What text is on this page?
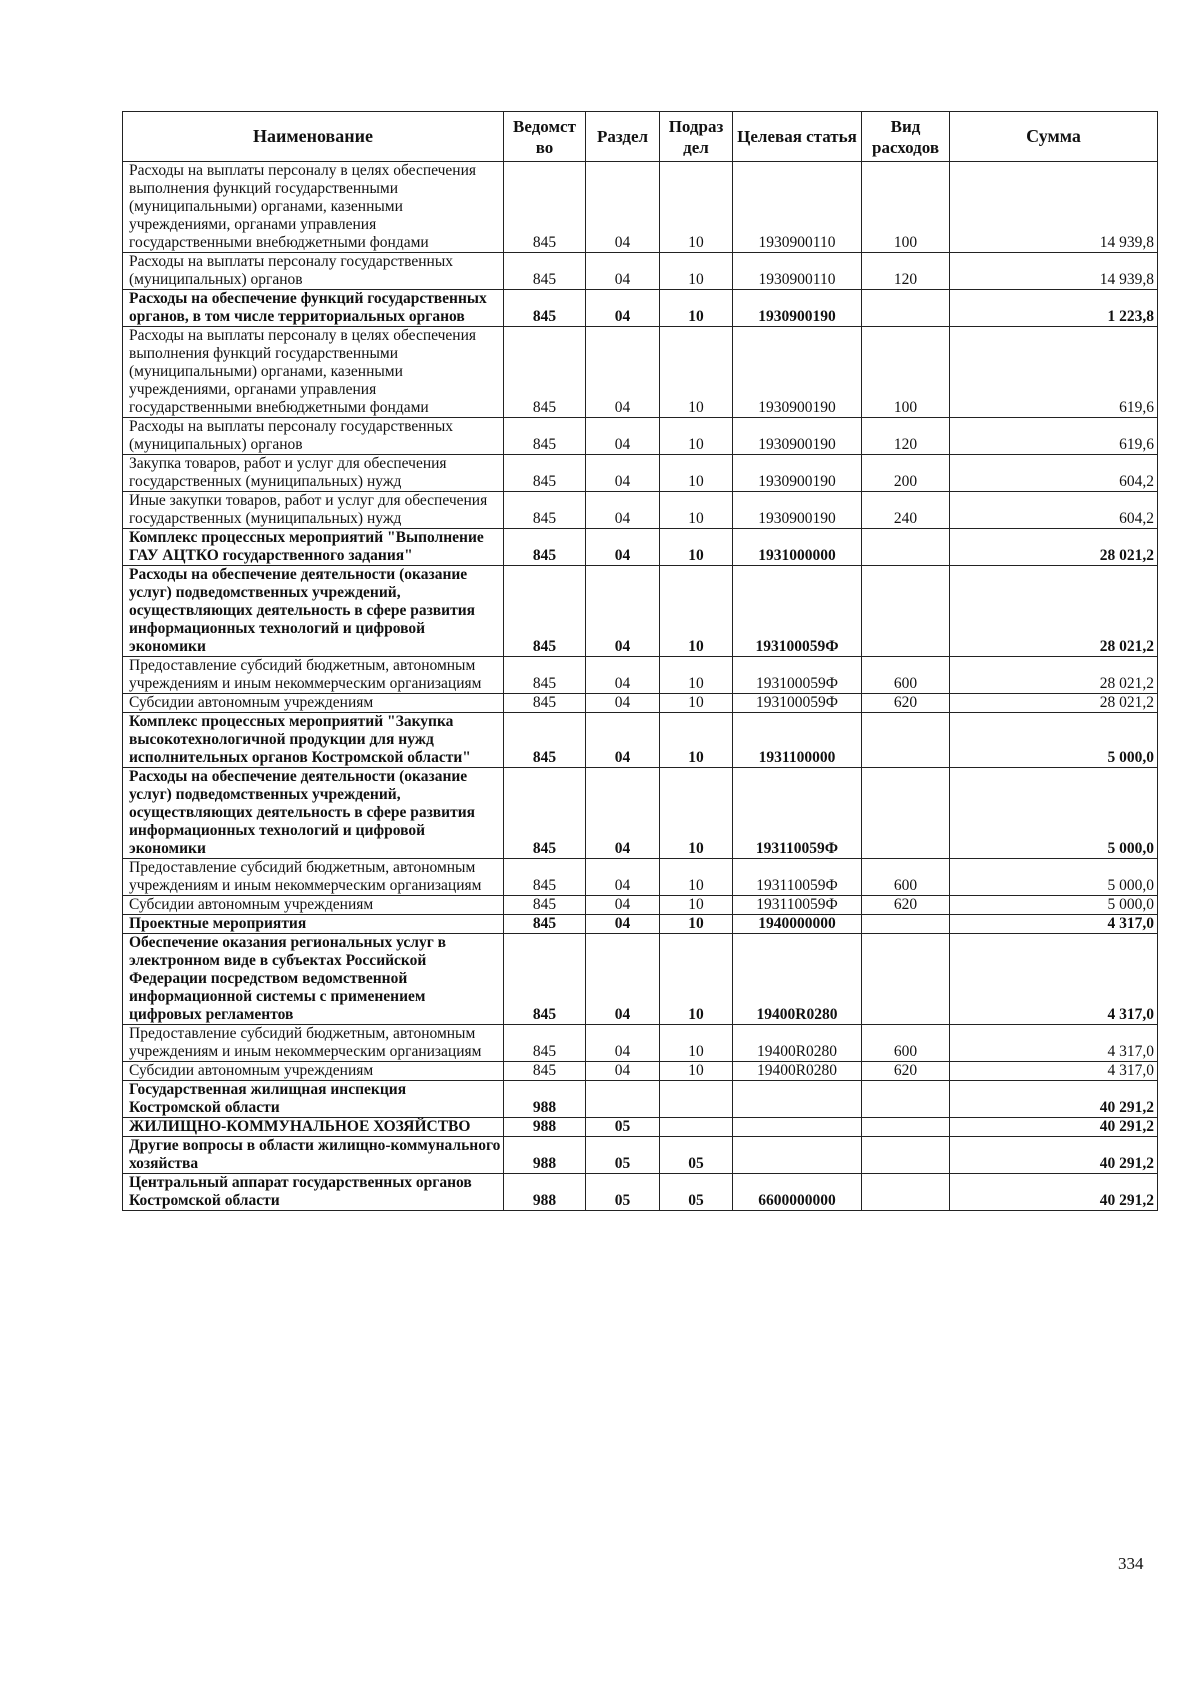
Наименование	Ведомст во	Раздел	Подраз дел	Целевая статья	Вид расходов	Сумма
Расходы на выплаты персоналу в целях обеспечения выполнения функций государственными (муниципальными) органами, казенными учреждениями, органами управления государственными внебюджетными фондами	845	04	10	1930900110	100	14 939,8
Расходы на выплаты персоналу государственных (муниципальных) органов	845	04	10	1930900110	120	14 939,8
Расходы на обеспечение функций государственных органов, в том числе территориальных органов	845	04	10	1930900190		1 223,8
Расходы на выплаты персоналу в целях обеспечения выполнения функций государственными (муниципальными) органами, казенными учреждениями, органами управления государственными внебюджетными фондами	845	04	10	1930900190	100	619,6
Расходы на выплаты персоналу государственных (муниципальных) органов	845	04	10	1930900190	120	619,6
Закупка товаров, работ и услуг для обеспечения государственных (муниципальных) нужд	845	04	10	1930900190	200	604,2
Иные закупки товаров, работ и услуг для обеспечения государственных (муниципальных) нужд	845	04	10	1930900190	240	604,2
Комплекс процессных мероприятий "Выполнение ГАУ АЦТКО государственного задания"	845	04	10	1931000000		28 021,2
Расходы на обеспечение деятельности (оказание услуг) подведомственных учреждений, осуществляющих деятельность в сфере развития информационных технологий и цифровой экономики	845	04	10	193100059Ф		28 021,2
Предоставление субсидий бюджетным, автономным учреждениям и иным некоммерческим организациям	845	04	10	193100059Ф	600	28 021,2
Субсидии автономным учреждениям	845	04	10	193100059Ф	620	28 021,2
Комплекс процессных мероприятий "Закупка высокотехнологичной продукции для нужд исполнительных органов Костромской области"	845	04	10	1931100000		5 000,0
Расходы на обеспечение деятельности (оказание услуг) подведомственных учреждений, осуществляющих деятельность в сфере развития информационных технологий и цифровой экономики	845	04	10	193110059Ф		5 000,0
Предоставление субсидий бюджетным, автономным учреждениям и иным некоммерческим организациям	845	04	10	193110059Ф	600	5 000,0
Субсидии автономным учреждениям	845	04	10	193110059Ф	620	5 000,0
Проектные мероприятия	845	04	10	1940000000		4 317,0
Обеспечение оказания региональных услуг в электронном виде в субъектах Российской Федерации посредством ведомственной информационной системы с применением цифровых регламентов	845	04	10	19400R0280		4 317,0
Предоставление субсидий бюджетным, автономным учреждениям и иным некоммерческим организациям	845	04	10	19400R0280	600	4 317,0
Субсидии автономным учреждениям	845	04	10	19400R0280	620	4 317,0
Государственная жилищная инспекция Костромской области	988					40 291,2
ЖИЛИЩНО-КОММУНАЛЬНОЕ ХОЗЯЙСТВО	988	05				40 291,2
Другие вопросы в области жилищно-коммунального хозяйства	988	05	05			40 291,2
Центральный аппарат государственных органов Костромской области	988	05	05	6600000000		40 291,2
334
